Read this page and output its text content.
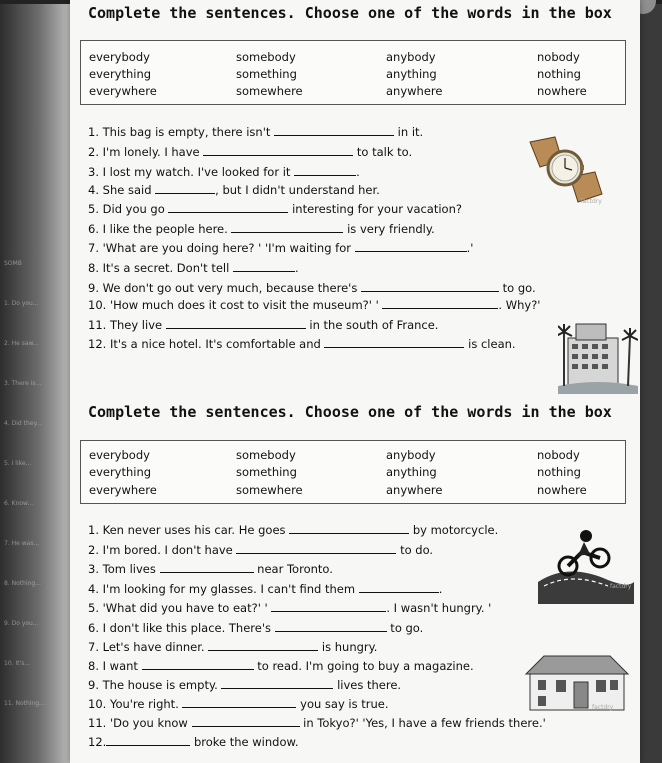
SOMB
1. Do you...
2. He saw...
3. There is...
4. Did they...
5. I like...
6. Know...
7. He was...
8. Nothing...
9. Do you...
10. It's...
11. Nothing...
Complete the sentences. Choose one of the words in the box
everybody	somebody	anybody	nobody
everything	something	anything	nothing
everywhere	somewhere	anywhere	nowhere
1. This bag is empty, there isn't	in it.
2. I'm lonely. I have	to talk to.
3. I lost my watch. I've looked for it	.
4. She said	, but I didn't understand her.
5. Did you go	interesting for your vacation?
6. I like the people here.	is very friendly.
7. 'What are you doing here? ' 'I'm waiting for	.'
8. It's a secret. Don't tell	.
9. We don't go out very much, because there's	to go.
10. 'How much does it cost to visit the museum?' '	. Why?'
11. They live	in the south of France.
12. It's a nice hotel. It's comfortable and	is clean.
Tactdry
Complete the sentences. Choose one of the words in the box
everybody	somebody	anybody	nobody
everything	something	anything	nothing
everywhere	somewhere	anywhere	nowhere
1. Ken never uses his car. He goes	by motorcycle.
2. I'm bored. I don't have	to do.
3. Tom lives	near Toronto.
4. I'm looking for my glasses. I can't find them	.
5. 'What did you have to eat?' '	. I wasn't hungry. '
6. I don't like this place. There's	to go.
7. Let's have dinner.	is hungry.
8. I want	to read. I'm going to buy a magazine.
9. The house is empty.	lives there.
10. You're right.	you say is true.
11. 'Do you know	in Tokyo?' 'Yes, I have a few friends there.'
12.	broke the window.
factdry
factdry
